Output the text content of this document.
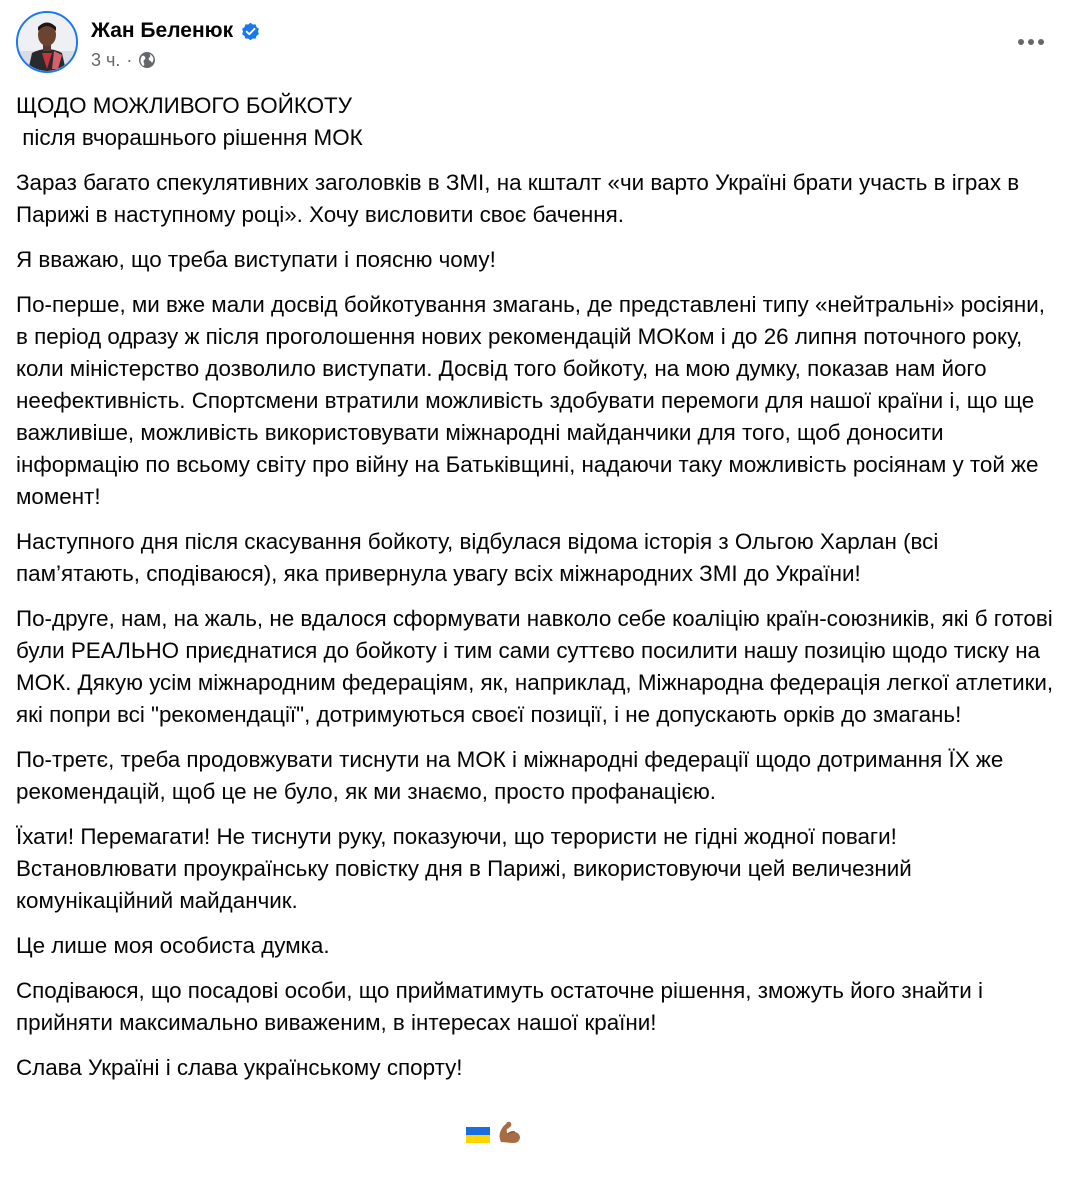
Жан Беленюк
3 ч. ·
ЩОДО МОЖЛИВОГО БОЙКОТУ
після вчорашнього рішення МОК

Зараз багато спекулятивних заголовків в ЗМІ, на кшталт «чи варто Україні брати участь в іграх в Парижі в наступному році». Хочу висловити своє бачення.

Я вважаю, що треба виступати і поясню чому!

По-перше, ми вже мали досвід бойкотування змагань, де представлені типу «нейтральні» росіяни, в період одразу ж після проголошення нових рекомендацій МОКом і до 26 липня поточного року, коли міністерство дозволило виступати. Досвід того бойкоту, на мою думку, показав нам його неефективність. Спортсмени втратили можливість здобувати перемоги для нашої країни і, що ще важливіше, можливість використовувати міжнародні майданчики для того, щоб доносити інформацію по всьому світу про війну на Батьківщині, надаючи таку можливість росіянам у той же момент!

Наступного дня після скасування бойкоту, відбулася відома історія з Ольгою Харлан (всі пам’ятають, сподіваюся), яка привернула увагу всіх міжнародних ЗМІ до України!

По-друге, нам, на жаль, не вдалося сформувати навколо себе коаліцію країн-союзників, які б готові були РЕАЛЬНО приєднатися до бойкоту і тим сами суттєво посилити нашу позицію щодо тиску на МОК. Дякую усім міжнародним федераціям, як, наприклад, Міжнародна федерація легкої атлетики, які попри всі "рекомендації", дотримуються своєї позиції, і не допускають орків до змагань!

По-третє, треба продовжувати тиснути на МОК і міжнародні федерації щодо дотримання ЇХ же рекомендацій, щоб це не було, як ми знаємо, просто профанацією.

Їхати! Перемагати! Не тиснути руку, показуючи, що терористи не гідні жодної поваги! Встановлювати проукраїнську повістку дня в Парижі, використовуючи цей величезний комунікаційний майданчик.

Це лише моя особиста думка.

Сподіваюся, що посадові особи, що прийматимуть остаточне рішення, зможуть його знайти і прийняти максимально виваженим, в інтересах нашої країни!

Слава Україні і слава українському спорту!
